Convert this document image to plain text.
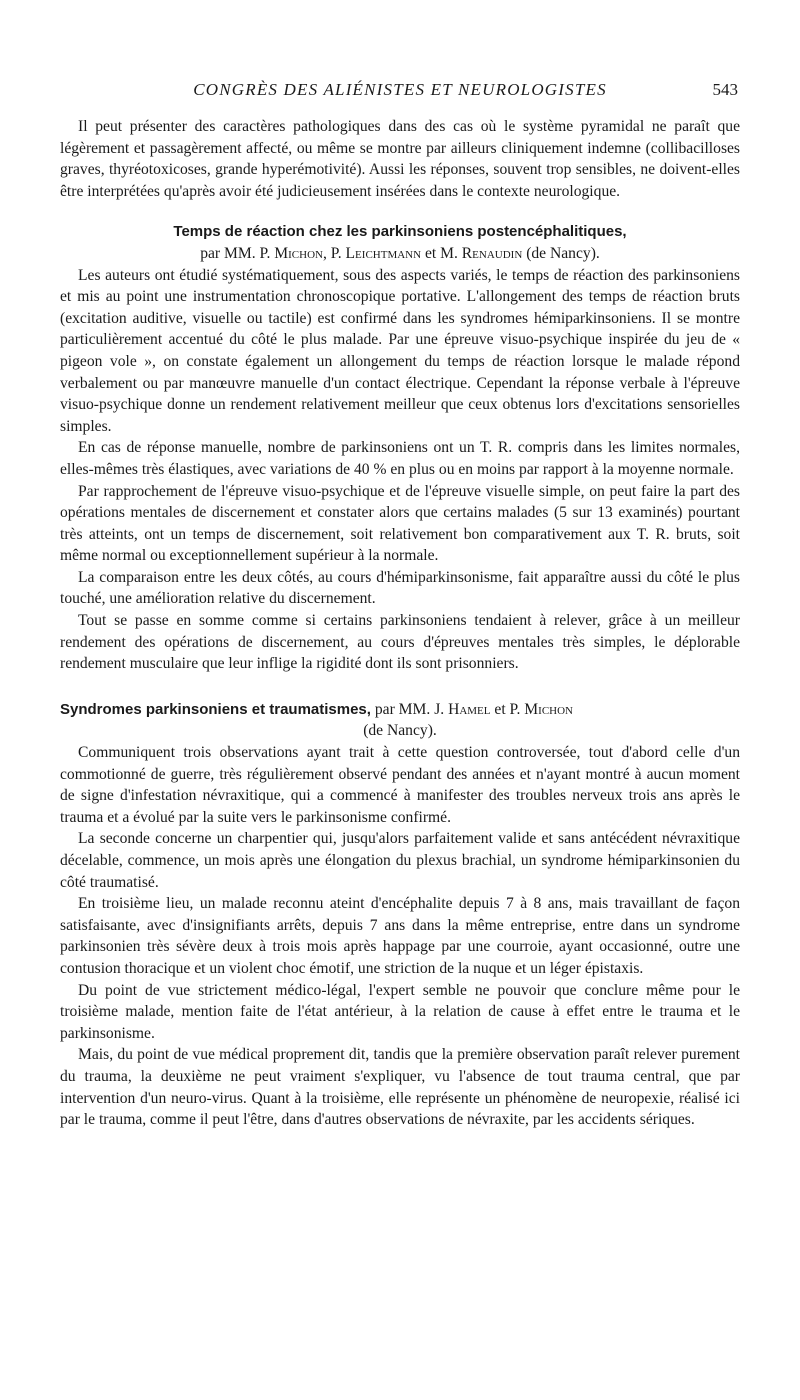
CONGRÈS DES ALIÉNISTES ET NEUROLOGISTES	543

Il peut présenter des caractères pathologiques dans des cas où le système pyramidal ne paraît que légèrement et passagèrement affecté, ou même se montre par ailleurs cliniquement indemne (collibacilloses graves, thyréotoxicoses, grande hyperémotivité). Aussi les réponses, souvent trop sensibles, ne doivent-elles être interprétées qu'après avoir été judicieusement insérées dans le contexte neurologique.

Temps de réaction chez les parkinsoniens postencéphalitiques,
par MM. P. Michon, P. Leichtmann et M. Renaudin (de Nancy).

Les auteurs ont étudié systématiquement, sous des aspects variés, le temps de réaction des parkinsoniens et mis au point une instrumentation chronoscopique portative. L'allongement des temps de réaction bruts (excitation auditive, visuelle ou tactile) est confirmé dans les syndromes hémiparkinsoniens. Il se montre particulièrement accentué du côté le plus malade. Par une épreuve visuo-psychique inspirée du jeu de « pigeon vole », on constate également un allongement du temps de réaction lorsque le malade répond verbalement ou par manœuvre manuelle d'un contact électrique. Cependant la réponse verbale à l'épreuve visuo-psychique donne un rendement relativement meilleur que ceux obtenus lors d'excitations sensorielles simples.

En cas de réponse manuelle, nombre de parkinsoniens ont un T. R. compris dans les limites normales, elles-mêmes très élastiques, avec variations de 40 % en plus ou en moins par rapport à la moyenne normale.

Par rapprochement de l'épreuve visuo-psychique et de l'épreuve visuelle simple, on peut faire la part des opérations mentales de discernement et constater alors que certains malades (5 sur 13 examinés) pourtant très atteints, ont un temps de discernement, soit relativement bon comparativement aux T. R. bruts, soit même normal ou exceptionnellement supérieur à la normale.

La comparaison entre les deux côtés, au cours d'hémiparkinsonisme, fait apparaître aussi du côté le plus touché, une amélioration relative du discernement.

Tout se passe en somme comme si certains parkinsoniens tendaient à relever, grâce à un meilleur rendement des opérations de discernement, au cours d'épreuves mentales très simples, le déplorable rendement musculaire que leur inflige la rigidité dont ils sont prisonniers.

Syndromes parkinsoniens et traumatismes, par MM. J. Hamel et P. Michon
(de Nancy).

Communiquent trois observations ayant trait à cette question controversée, tout d'abord celle d'un commotionné de guerre, très régulièrement observé pendant des années et n'ayant montré à aucun moment de signe d'infestation névraxitique, qui a commencé à manifester des troubles nerveux trois ans après le trauma et a évolué par la suite vers le parkinsonisme confirmé.

La seconde concerne un charpentier qui, jusqu'alors parfaitement valide et sans antécédent névraxitique décelable, commence, un mois après une élongation du plexus brachial, un syndrome hémiparkinsonien du côté traumatisé.

En troisième lieu, un malade reconnu ateint d'encéphalite depuis 7 à 8 ans, mais travaillant de façon satisfaisante, avec d'insignifiants arrêts, depuis 7 ans dans la même entreprise, entre dans un syndrome parkinsonien très sévère deux à trois mois après happage par une courroie, ayant occasionné, outre une contusion thoracique et un violent choc émotif, une striction de la nuque et un léger épistaxis.

Du point de vue strictement médico-légal, l'expert semble ne pouvoir que conclure même pour le troisième malade, mention faite de l'état antérieur, à la relation de cause à effet entre le trauma et le parkinsonisme.

Mais, du point de vue médical proprement dit, tandis que la première observation paraît relever purement du trauma, la deuxième ne peut vraiment s'expliquer, vu l'absence de tout trauma central, que par intervention d'un neuro-virus. Quant à la troisième, elle représente un phénomène de neuropexie, réalisé ici par le trauma, comme il peut l'être, dans d'autres observations de névraxite, par les accidents sériques.
